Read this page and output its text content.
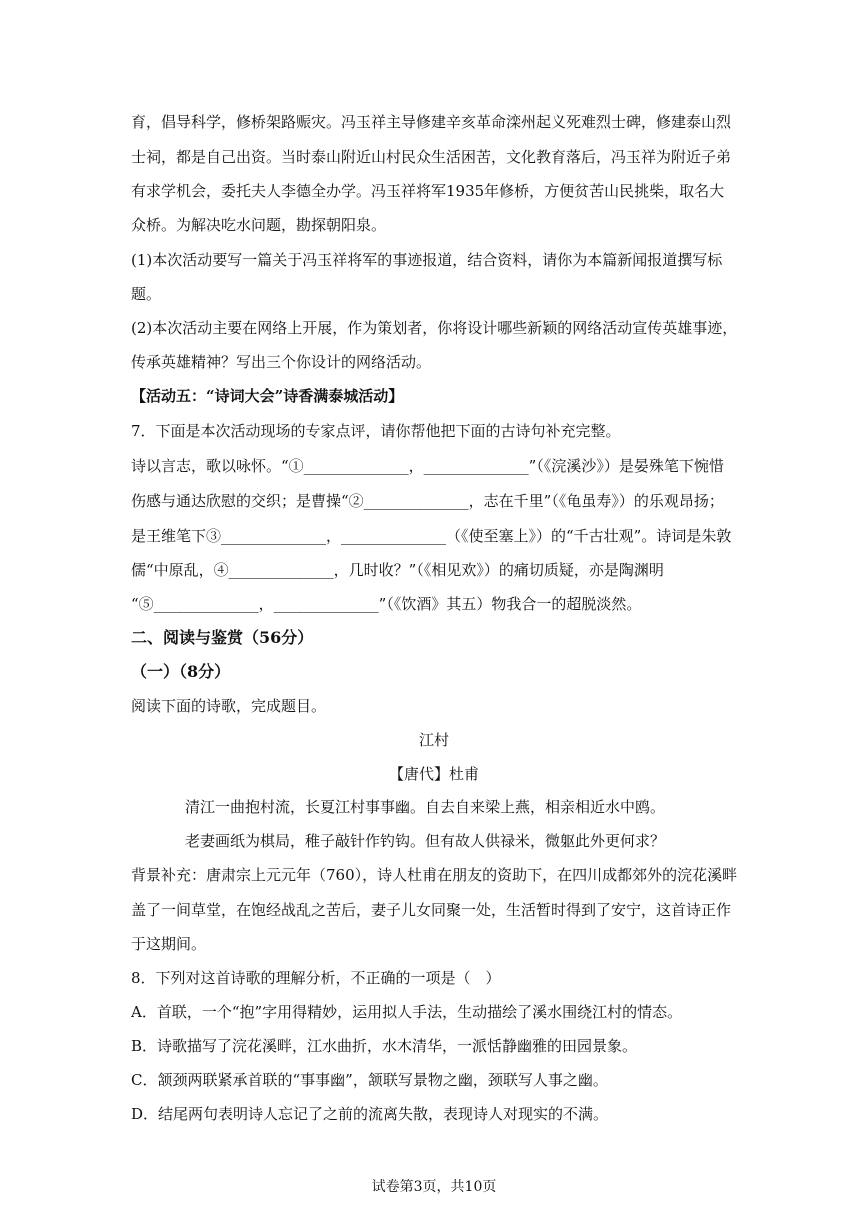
育，倡导科学，修桥架路赈灾。冯玉祥主导修建辛亥革命滦州起义死难烈士碑，修建泰山烈
士祠，都是自己出资。当时泰山附近山村民众生活困苦，文化教育落后，冯玉祥为附近子弟
有求学机会，委托夫人李德全办学。冯玉祥将军1935年修桥，方便贫苦山民挑柴，取名大
众桥。为解决吃水问题，勘探朝阳泉。
(1)本次活动要写一篇关于冯玉祥将军的事迹报道，结合资料，请你为本篇新闻报道撰写标
题。
(2)本次活动主要在网络上开展，作为策划者，你将设计哪些新颖的网络活动宣传英雄事迹，
传承英雄精神？写出三个你设计的网络活动。
【活动五：“诗词大会”诗香满泰城活动】
7．下面是本次活动现场的专家点评，请你帮他把下面的古诗句补充完整。
诗以言志，歌以咏怀。“①______________，______________”（《浣溪沙》）是晏殊笔下惋惜
伤感与通达欣慰的交织；是曹操“②______________，志在千里”（《龟虽寿》）的乐观昂扬；
是王维笔下③______________，______________（《使至塞上》）的“千古壮观”。诗词是朱敦
儒“中原乱，④______________，几时收？”（《相见欢》）的痛切质疑，亦是陶渊明
“⑤______________，______________”（《饮酒》其五）物我合一的超脱淡然。
二、阅读与鉴赏（56分）
（一）（8分）
阅读下面的诗歌，完成题目。
江村
【唐代】杜甫
清江一曲抱村流，长夏江村事事幽。自去自来梁上燕，相亲相近水中鸥。
老妻画纸为棋局，稚子敲针作钓钩。但有故人供禄米，微躯此外更何求？
背景补充：唐肃宗上元元年（760），诗人杜甫在朋友的资助下，在四川成都郊外的浣花溪畔
盖了一间草堂，在饱经战乱之苦后，妻子儿女同聚一处，生活暂时得到了安宁，这首诗正作
于这期间。
8．下列对这首诗歌的理解分析，不正确的一项是（　）
A．首联，一个“抱”字用得精妙，运用拟人手法，生动描绘了溪水围绕江村的情态。
B．诗歌描写了浣花溪畔，江水曲折，水木清华，一派恬静幽雅的田园景象。
C．颔颈两联紧承首联的“事事幽”，颔联写景物之幽，颈联写人事之幽。
D．结尾两句表明诗人忘记了之前的流离失散，表现诗人对现实的不满。
试卷第3页，共10页
